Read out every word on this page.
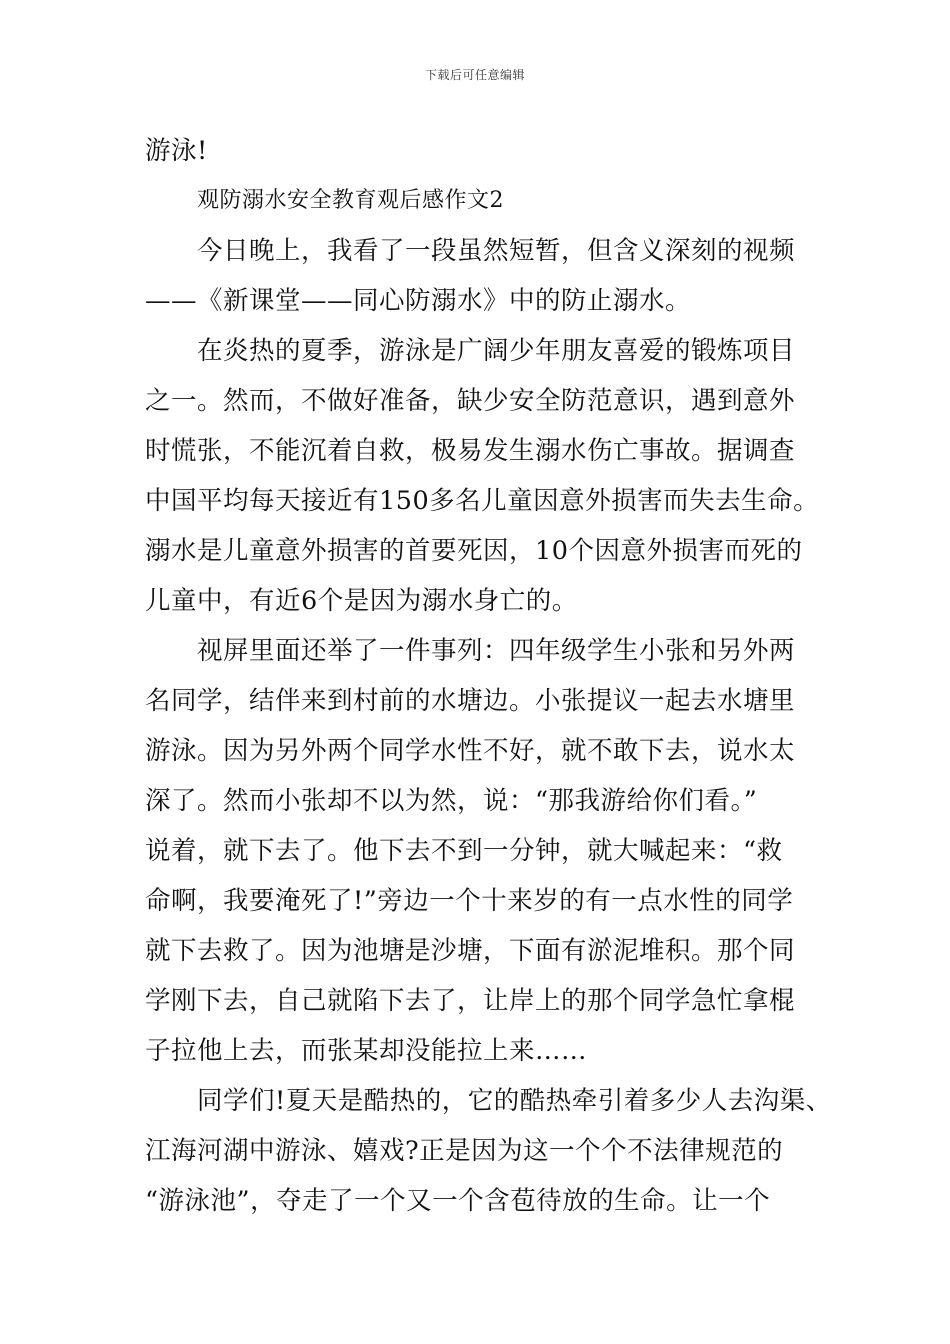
下载后可任意编辑
游泳!
观防溺水安全教育观后感作文2
今日晚上，我看了一段虽然短暂，但含义深刻的视频
——《新课堂——同心防溺水》中的防止溺水。
在炎热的夏季，游泳是广阔少年朋友喜爱的锻炼项目
之一。然而，不做好准备，缺少安全防范意识，遇到意外
时慌张，不能沉着自救，极易发生溺水伤亡事故。据调查
中国平均每天接近有150多名儿童因意外损害而失去生命。
溺水是儿童意外损害的首要死因，10个因意外损害而死的
儿童中，有近6个是因为溺水身亡的。
视屏里面还举了一件事列：四年级学生小张和另外两
名同学，结伴来到村前的水塘边。小张提议一起去水塘里
游泳。因为另外两个同学水性不好，就不敢下去，说水太
深了。然而小张却不以为然，说：“那我游给你们看。”
说着，就下去了。他下去不到一分钟，就大喊起来：“救
命啊，我要淹死了!”旁边一个十来岁的有一点水性的同学
就下去救了。因为池塘是沙塘，下面有淤泥堆积。那个同
学刚下去，自己就陷下去了，让岸上的那个同学急忙拿棍
子拉他上去，而张某却没能拉上来……
同学们!夏天是酷热的，它的酷热牵引着多少人去沟渠、
江海河湖中游泳、嬉戏?正是因为这一个个不法律规范的
“游泳池”，夺走了一个又一个含苞待放的生命。让一个
